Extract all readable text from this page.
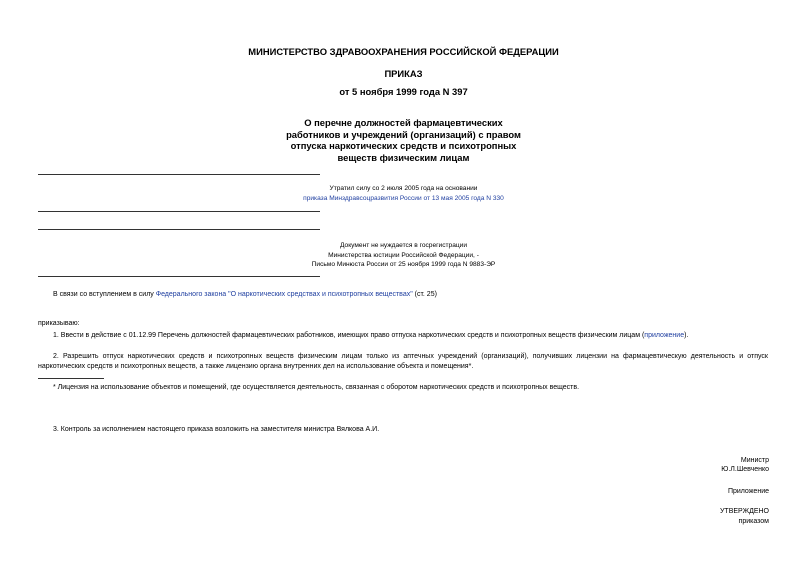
МИНИСТЕРСТВО ЗДРАВООХРАНЕНИЯ РОССИЙСКОЙ ФЕДЕРАЦИИ
ПРИКАЗ
от 5 ноября 1999 года N 397
О перечне должностей фармацевтических
работников и учреждений (организаций) с правом
отпуска наркотических средств и психотропных
веществ физическим лицам
Утратил силу со 2 июля 2005 года на основании
приказа Минздравсоцразвития России от 13 мая 2005 года N 330
Документ не нуждается в госрегистрации
Министерства юстиции Российской Федерации, -
Письмо Минюста России от 25 ноября 1999 года N 9883-ЭР
В связи со вступлением в силу Федерального закона "О наркотических средствах и психотропных веществах" (ст. 25)
приказываю:
1. Ввести в действие с 01.12.99 Перечень должностей фармацевтических работников, имеющих право отпуска наркотических средств и психотропных веществ физическим лицам (приложение).
2. Разрешить отпуск наркотических средств и психотропных веществ физическим лицам только из аптечных учреждений (организаций), получивших лицензии на фармацевтическую деятельность и отпуск наркотических средств и психотропных веществ, а также лицензию органа внутренних дел на использование объекта и помещения*.
* Лицензия на использование объектов и помещений, где осуществляется деятельность, связанная с оборотом наркотических средств и психотропных веществ.
3. Контроль за исполнением настоящего приказа возложить на заместителя министра Вялкова А.И.
Министр
Ю.Л.Шевченко
Приложение
УТВЕРЖДЕНО
приказом
